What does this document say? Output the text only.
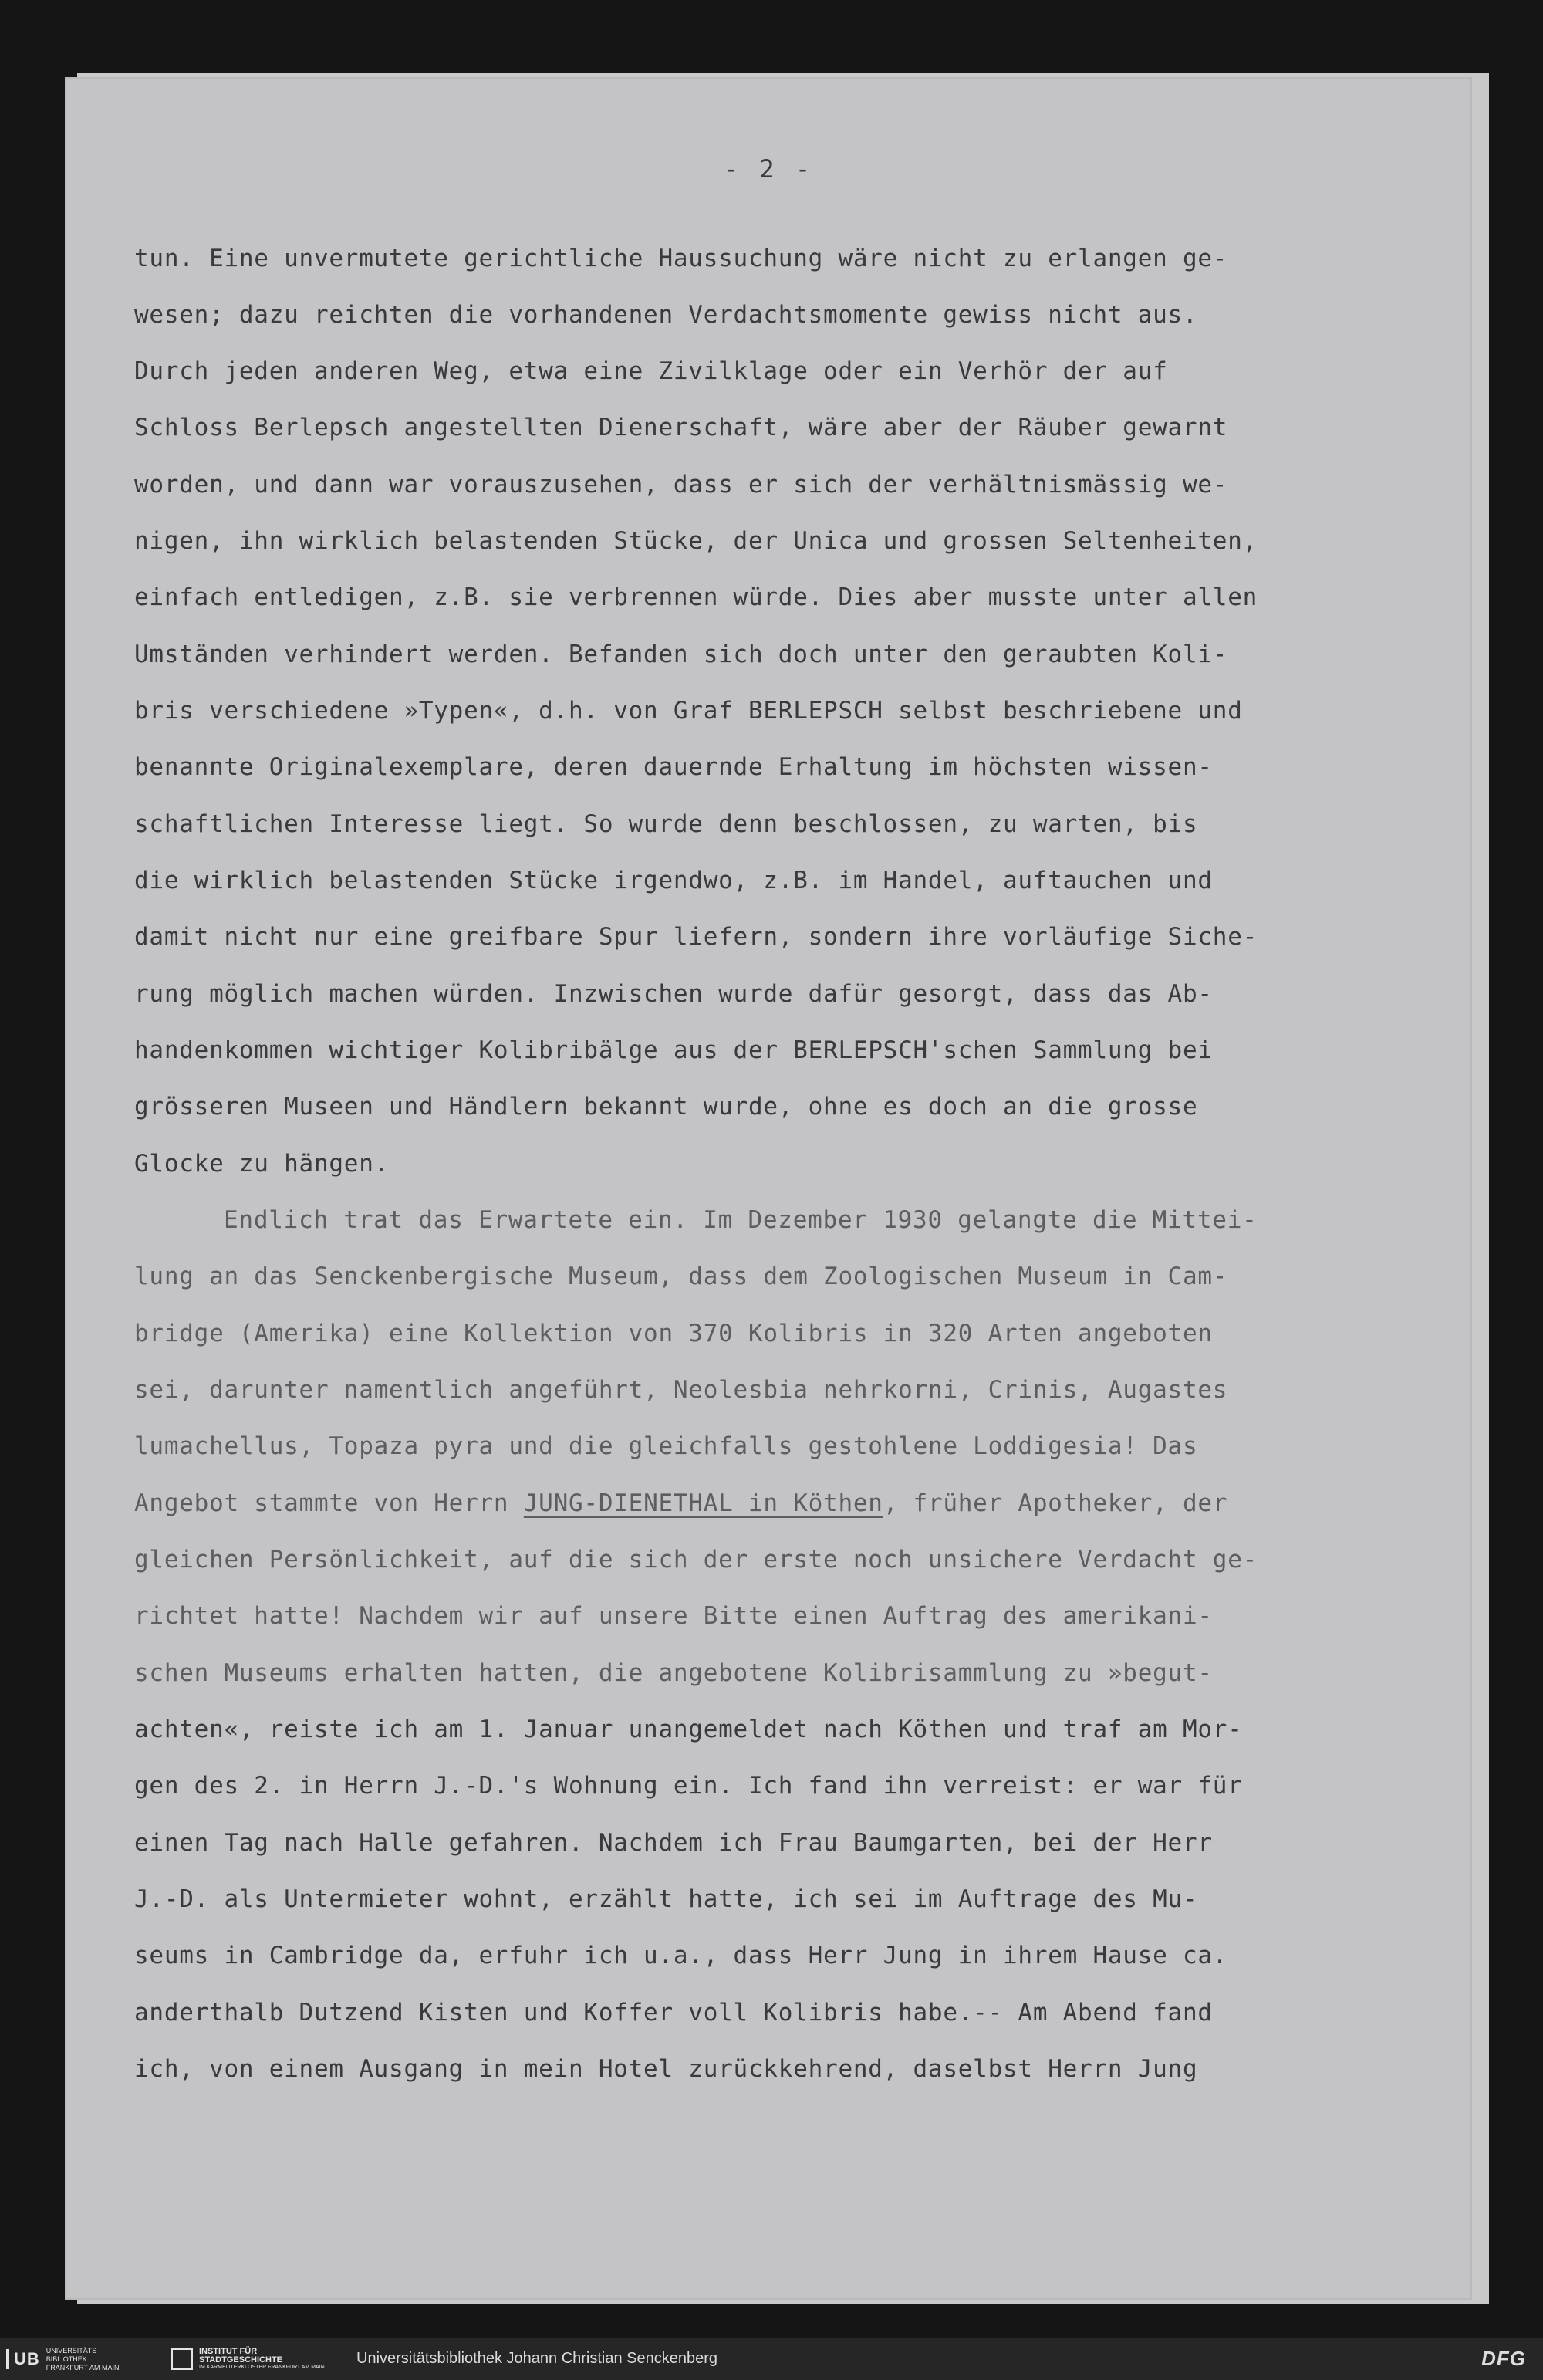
- 2 -
tun. Eine unvermutete gerichtliche Haussuchung wäre nicht zu erlangen ge-
wesen; dazu reichten die vorhandenen Verdachtsmomente gewiss nicht aus.
Durch jeden anderen Weg, etwa eine Zivilklage oder ein Verhör der auf
Schloss Berlepsch angestellten Dienerschaft, wäre aber der Räuber gewarnt
worden, und dann war vorauszusehen, dass er sich der verhältnismässig we-
nigen, ihn wirklich belastenden Stücke, der Unica und grossen Seltenheiten,
einfach entledigen, z.B. sie verbrennen würde. Dies aber musste unter allen
Umständen verhindert werden. Befanden sich doch unter den geraubten Koli-
bris verschiedene »Typen«, d.h. von Graf BERLEPSCH selbst beschriebene und
benannte Originalexemplare, deren dauernde Erhaltung im höchsten wissen-
schaftlichen Interesse liegt. So wurde denn beschlossen, zu warten, bis
die wirklich belastenden Stücke irgendwo, z.B. im Handel, auftauchen und
damit nicht nur eine greifbare Spur liefern, sondern ihre vorläufige Siche-
rung möglich machen würden. Inzwischen wurde dafür gesorgt, dass das Ab-
handenkommen wichtiger Kolibribälge aus der BERLEPSCH'schen Sammlung bei
grösseren Museen und Händlern bekannt wurde, ohne es doch an die grosse
Glocke zu hängen.
Endlich trat das Erwartete ein. Im Dezember 1930 gelangte die Mittei-
lung an das Senckenbergische Museum, dass dem Zoologischen Museum in Cam-
bridge (Amerika) eine Kollektion von 370 Kolibris in 320 Arten angeboten
sei, darunter namentlich angeführt, Neolesbia nehrkorni, Crinis, Augastes
lumachellus, Topaza pyra und die gleichfalls gestohlene Loddigesia! Das
Angebot stammte von Herrn JUNG-DIENETHAL in Köthen, früher Apotheker, der
gleichen Persönlichkeit, auf die sich der erste noch unsichere Verdacht ge-
richtet hatte! Nachdem wir auf unsere Bitte einen Auftrag des amerikani-
schen Museums erhalten hatten, die angebotene Kolibrisammlung zu »begut-
achten«, reiste ich am 1. Januar unangemeldet nach Köthen und traf am Mor-
gen des 2. in Herrn J.-D.'s Wohnung ein. Ich fand ihn verreist: er war für
einen Tag nach Halle gefahren. Nachdem ich Frau Baumgarten, bei der Herr
J.-D. als Untermieter wohnt, erzählt hatte, ich sei im Auftrage des Mu-
seums in Cambridge da, erfuhr ich u.a., dass Herr Jung in ihrem Hause ca.
anderthalb Dutzend Kisten und Koffer voll Kolibris habe.-- Am Abend fand
ich, von einem Ausgang in mein Hotel zurückkehrend, daselbst Herrn Jung
UB UNIVERSITÄTS BIBLIOTHEK FRANKFURT AM MAIN
INSTITUT FÜR STADTGESCHICHTE
IM KARMELITERKLOSTER FRANKFURT AM MAIN
Universitätsbibliothek Johann Christian Senckenberg	DFG
